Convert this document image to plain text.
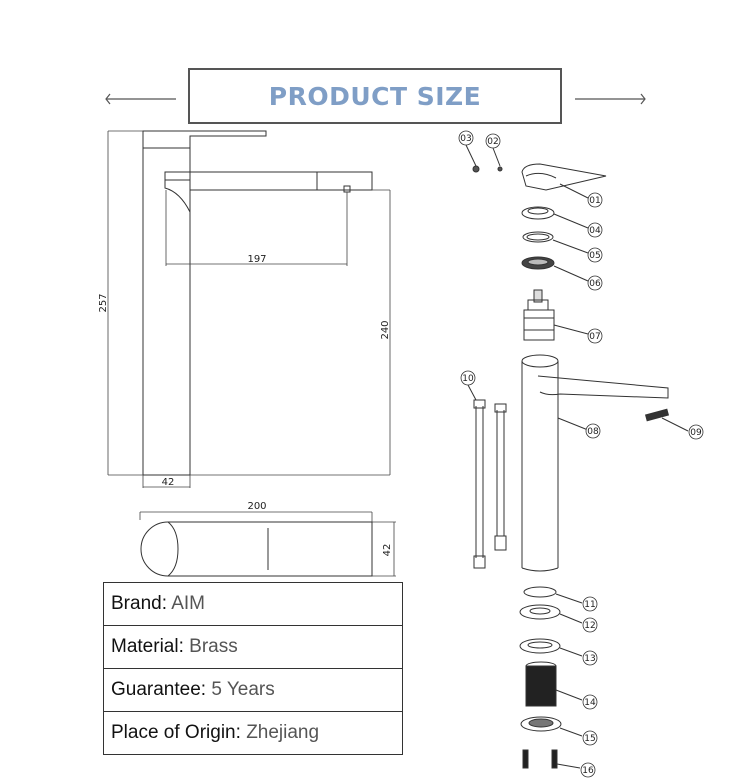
PRODUCT SIZE
257
240
197
42
200
42
03 02
01
04
05
06
07
08	09
10
11
12
13
14
15
16
Brand: AIM
Material: Brass
Guarantee: 5 Years
Place of Origin: Zhejiang
